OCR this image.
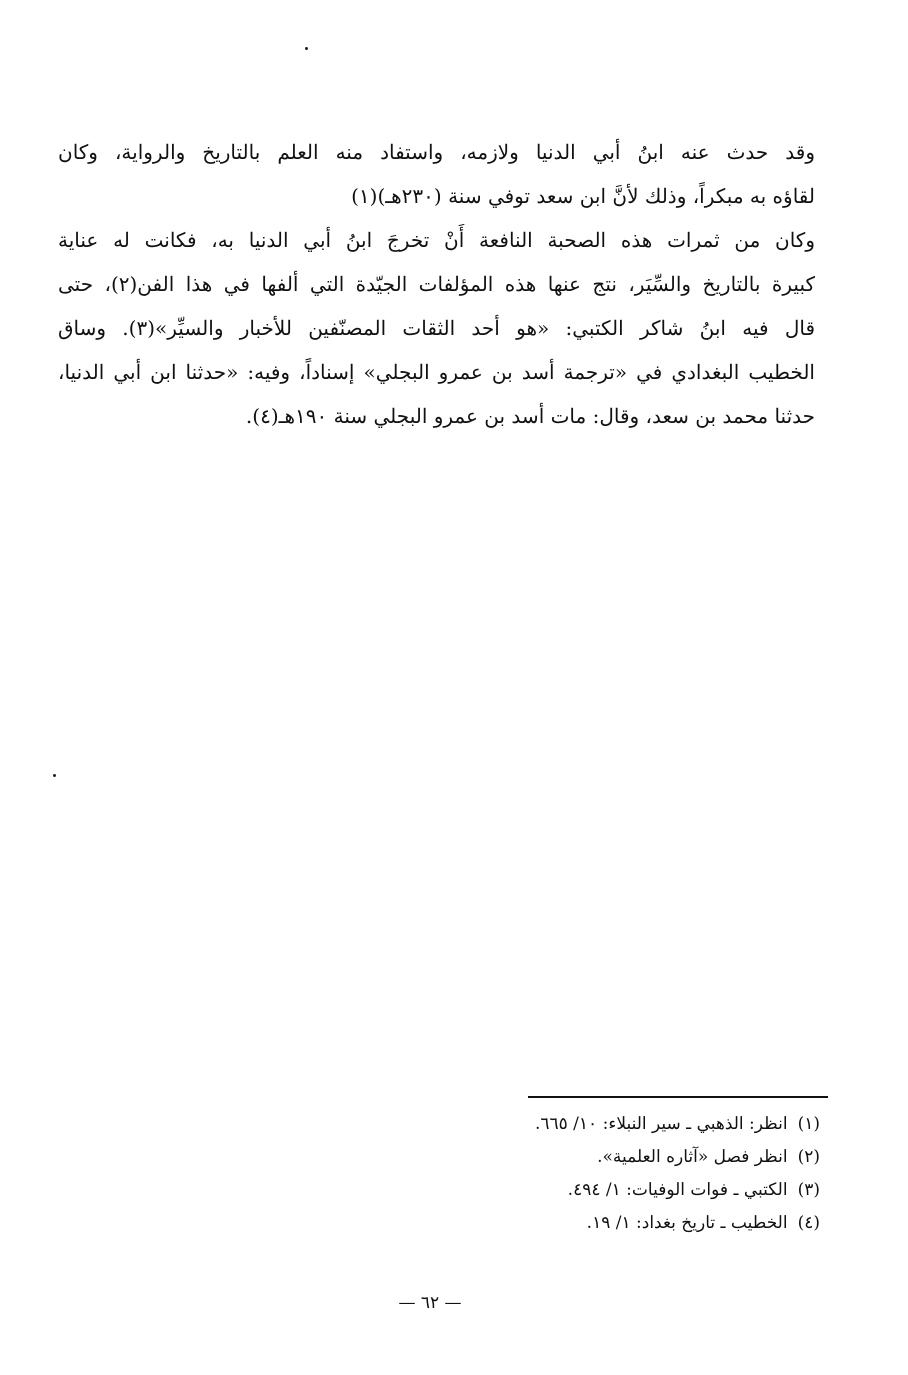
وقد حدث عنه ابنُ أبي الدنيا ولازمه، واستفاد منه العلم بالتاريخ والرواية، وكان
لقاؤه به مبكراً، وذلك لأنَّ ابن سعد توفي سنة (٢٣٠هـ)(١)
وكان من ثمرات هذه الصحبة النافعة أَنْ تخرجَ ابنُ أبي الدنيا به، فكانت له عناية
كبيرة بالتاريخ والسِّيَر، نتج عنها هذه المؤلفات الجيّدة التي ألفها في هذا الفن(٢)، حتى
قال فيه ابنُ شاكر الكتبي: «هو أحد الثقات المصنّفين للأخبار والسيِّر»(٣). وساق
الخطيب البغدادي في «ترجمة أسد بن عمرو البجلي» إسناداً، وفيه: «حدثنا ابن أبي الدنيا،
حدثنا محمد بن سعد، وقال: مات أسد بن عمرو البجلي سنة ١٩٠هـ(٤).
(١)انظر: الذهبي ـ سير النبلاء: ١٠/ ٦٦٥.
(٢)انظر فصل «آثاره العلمية».
(٣)الكتبي ـ فوات الوفيات: ١/ ٤٩٤.
(٤)الخطيب ـ تاريخ بغداد: ١/ ١٩.
— ٦٢ —
